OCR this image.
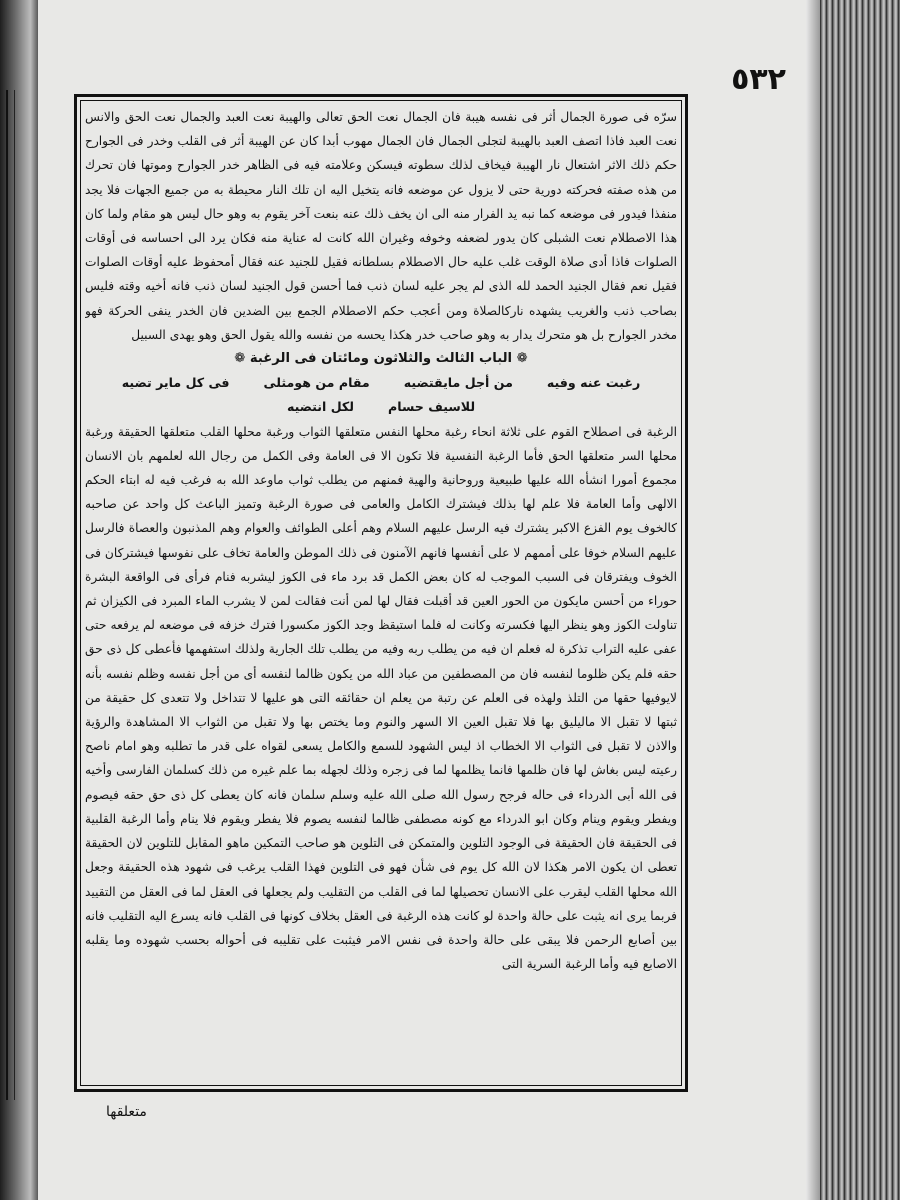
٥٣٢

سرّه فى صورة الجمال أثر فى نفسه هيبة فان الجمال نعت الحق تعالى والهيبة نعت العبد والجمال نعت الحق والانس نعت العبد فاذا اتصف العبد بالهيبة لتجلى الجمال فان الجمال مهوب أبدا كان عن الهيبة أثر فى القلب وخدر فى الجوارح حكم ذلك الاثر اشتعال نار الهيبة فيخاف لذلك سطوته فيسكن وعلامته فيه فى الظاهر خدر الجوارح وموتها فان تحرك من هذه صفته فحركته دورية حتى لا يزول عن موضعه فانه يتخيل اليه ان تلك النار محيطة به من جميع الجهات فلا يجد منفذا فيدور فى موضعه كما نبه يد الفرار منه الى ان يخف ذلك عنه بنعت آخر يقوم به وهو حال ليس هو مقام ولما كان هذا الاصطلام نعت الشبلى كان يدور لضعفه وخوفه وغيران الله كانت له عناية منه فكان يرد الى احساسه فى أوقات الصلوات فاذا أدى صلاة الوقت غلب عليه حال الاصطلام بسلطانه فقيل للجنيد عنه فقال أمحفوظ عليه أوقات الصلوات فقيل نعم فقال الجنيد الحمد لله الذى لم يجر عليه لسان ذنب فما أحسن قول الجنيد لسان ذنب فانه أخيه وقته فليس بصاحب ذنب والغريب يشهده ناركالصلاة ومن أعجب حكم الاصطلام الجمع بين الضدين فان الخدر ينفى الحركة فهو مخدر الجوارح بل هو متحرك يدار به وهو صاحب خدر هكذا يحسه من نفسه والله يقول الحق وهو يهدى السبيل

❁ الباب الثالث والثلاثون ومائتان فى الرغبة ❁

رغبت عنه وفيه
من أجل مايقتضيه
مقام من هومثلى
فى كل ماير تضيه
للاسيف حسام
لكل انتضيه

الرغبة فى اصطلاح القوم على ثلاثة انحاء رغبة محلها النفس متعلقها الثواب ورغبة محلها القلب متعلقها الحقيقة ورغبة محلها السر متعلقها الحق فأما الرغبة النفسية فلا تكون الا فى العامة وفى الكمل من رجال الله لعلمهم بان الانسان مجموع أمورا انشأه الله عليها طبيعية وروحانية والهية فمنهم من يطلب ثواب ماوعد الله به فرغب فيه له ابتاء الحكم الالهى وأما العامة فلا علم لها بذلك فيشترك الكامل والعامى فى صورة الرغبة وتميز الباعث كل واحد عن صاحبه كالخوف يوم الفزع الاكبر يشترك فيه الرسل عليهم السلام وهم أعلى الطوائف والعوام وهم المذنبون والعصاة فالرسل عليهم السلام خوفا على أممهم لا على أنفسها فانهم الآمنون فى ذلك الموطن والعامة تخاف على نفوسها فيشتركان فى الخوف ويفترقان فى السبب الموجب له كان بعض الكمل قد برد ماء فى الكوز ليشربه فنام فرأى فى الواقعة البشرة حوراء من أحسن مايكون من الحور العين قد أقبلت فقال لها لمن أنت فقالت لمن لا يشرب الماء المبرد فى الكيزان ثم تناولت الكوز وهو ينظر اليها فكسرته وكانت له فلما استيقظ وجد الكوز مكسورا فترك خزفه فى موضعه لم يرفعه حتى عفى عليه التراب تذكرة له فعلم ان فيه من يطلب ربه وفيه من يطلب تلك الجارية ولذلك استفهمها فأعطى كل ذى حق حقه فلم يكن ظلوما لنفسه فان من المصطفين من عباد الله من يكون ظالما لنفسه أى من أجل نفسه وظلم نفسه بأنه لايوفيها حقها من التلذ ولهذه فى العلم عن رتبة من يعلم ان حقائقه التى هو عليها لا تتداخل ولا تتعدى كل حقيقة من ثبتها لا تقبل الا ماليليق بها فلا تقبل العين الا السهر والنوم وما يختص بها ولا تقبل من الثواب الا المشاهدة والرؤية والاذن لا تقبل فى الثواب الا الخطاب اذ ليس الشهود للسمع والكامل يسعى لقواه على قدر ما تطلبه وهو امام ناصح رعيته ليس بغاش لها فان ظلمها فانما يظلمها لما فى زجره وذلك لجهله بما علم غيره من ذلك كسلمان الفارسى وأخيه فى الله أبى الدرداء فى حاله فرجح رسول الله صلى الله عليه وسلم سلمان فانه كان يعطى كل ذى حق حقه فيصوم ويفطر ويقوم وينام وكان ابو الدرداء مع كونه مصطفى ظالما لنفسه يصوم فلا يفطر ويقوم فلا ينام وأما الرغبة القلبية فى الحقيقة فان الحقيقة فى الوجود التلوين والمتمكن فى التلوين هو صاحب التمكين ماهو المقابل للتلوين لان الحقيقة تعطى ان يكون الامر هكذا لان الله كل يوم فى شأن فهو فى التلوين فهذا القلب يرغب فى شهود هذه الحقيقة وجعل الله محلها القلب ليقرب على الانسان تحصيلها لما فى القلب من التقليب ولم يجعلها فى العقل لما فى العقل من التقييد فربما يرى انه يثبت على حالة واحدة لو كانت هذه الرغبة فى العقل بخلاف كونها فى القلب فانه يسرع اليه التقليب فانه بين أصابع الرحمن فلا يبقى على حالة واحدة فى نفس الامر فيثبت على تقليبه فى أحواله بحسب شهوده وما يقلبه الاصابع فيه وأما الرغبة السرية التى

متعلقها
